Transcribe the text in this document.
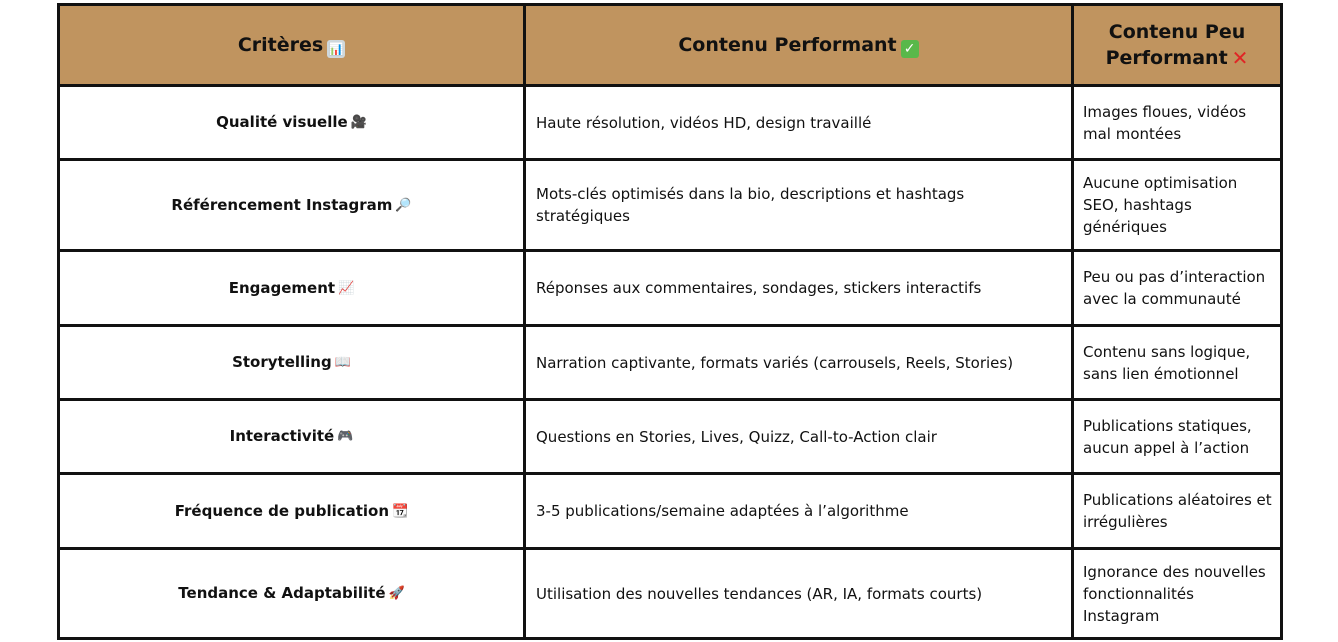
Critères 📊	Contenu Performant ✓	Contenu Peu Performant ✕
Qualité visuelle 🎥	Haute résolution, vidéos HD, design travaillé	Images floues, vidéos mal montées
Référencement Instagram 🔎	Mots-clés optimisés dans la bio, descriptions et hashtags stratégiques	Aucune optimisation SEO, hashtags génériques
Engagement 📈	Réponses aux commentaires, sondages, stickers interactifs	Peu ou pas d’interaction avec la communauté
Storytelling 📖	Narration captivante, formats variés (carrousels, Reels, Stories)	Contenu sans logique, sans lien émotionnel
Interactivité 🎮	Questions en Stories, Lives, Quizz, Call-to-Action clair	Publications statiques, aucun appel à l’action
Fréquence de publication 📆	3-5 publications/semaine adaptées à l’algorithme	Publications aléatoires et irrégulières
Tendance & Adaptabilité 🚀	Utilisation des nouvelles tendances (AR, IA, formats courts)	Ignorance des nouvelles fonctionnalités Instagram
